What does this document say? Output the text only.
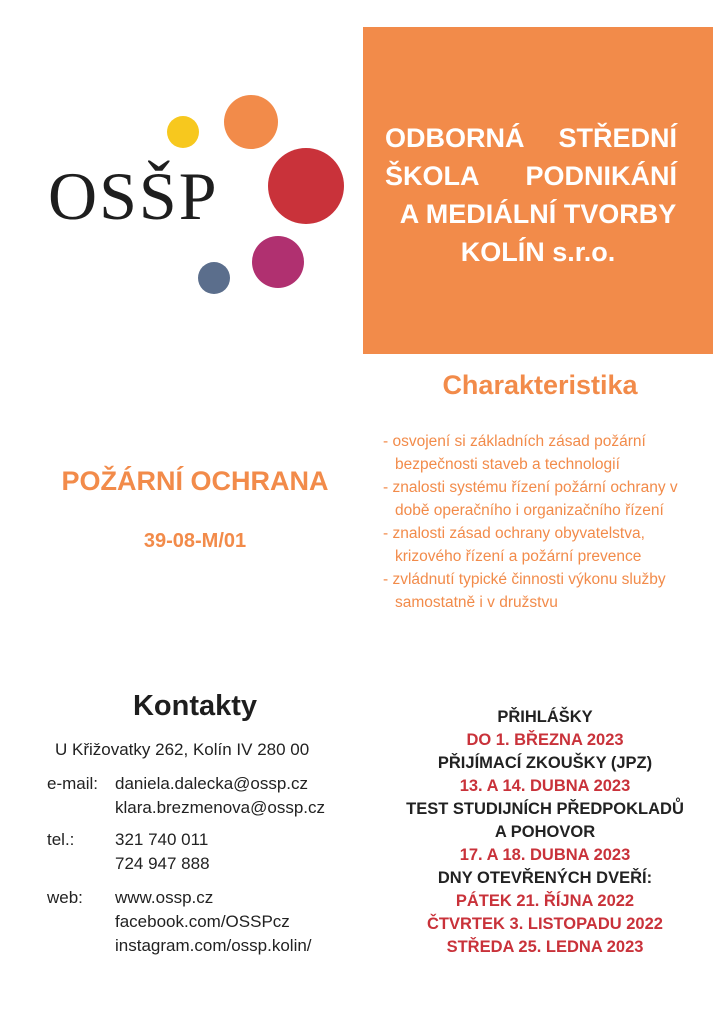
OSŠP
ODBORNÁ STŘEDNÍ
ŠKOLA PODNIKÁNÍ
A MEDIÁLNÍ TVORBY
KOLÍN s.r.o.
Charakteristika
- osvojení si základních zásad požární bezpečnosti staveb a technologií
- znalosti systému řízení požární ochrany v době operačního i organizačního řízení
- znalosti zásad ochrany obyvatelstva, krizového řízení a požární prevence
- zvládnutí typické činnosti výkonu služby samostatně i v družstvu
POŽÁRNÍ OCHRANA
39-08-M/01
Kontakty
U Křižovatky 262, Kolín IV 280 00
e-mail: daniela.dalecka@ossp.cz
klara.brezmenova@ossp.cz
tel.:	321 740 011
724 947 888
web:	www.ossp.cz
facebook.com/OSSPcz
instagram.com/ossp.kolin/
PŘIHLÁŠKY
DO 1. BŘEZNA 2023
PŘIJÍMACÍ ZKOUŠKY (JPZ)
13. A 14. DUBNA 2023
TEST STUDIJNÍCH PŘEDPOKLADŮ
A POHOVOR
17. A 18. DUBNA 2023
DNY OTEVŘENÝCH DVEŘÍ:
PÁTEK 21. ŘÍJNA 2022
ČTVRTEK 3. LISTOPADU 2022
STŘEDA 25. LEDNA 2023
